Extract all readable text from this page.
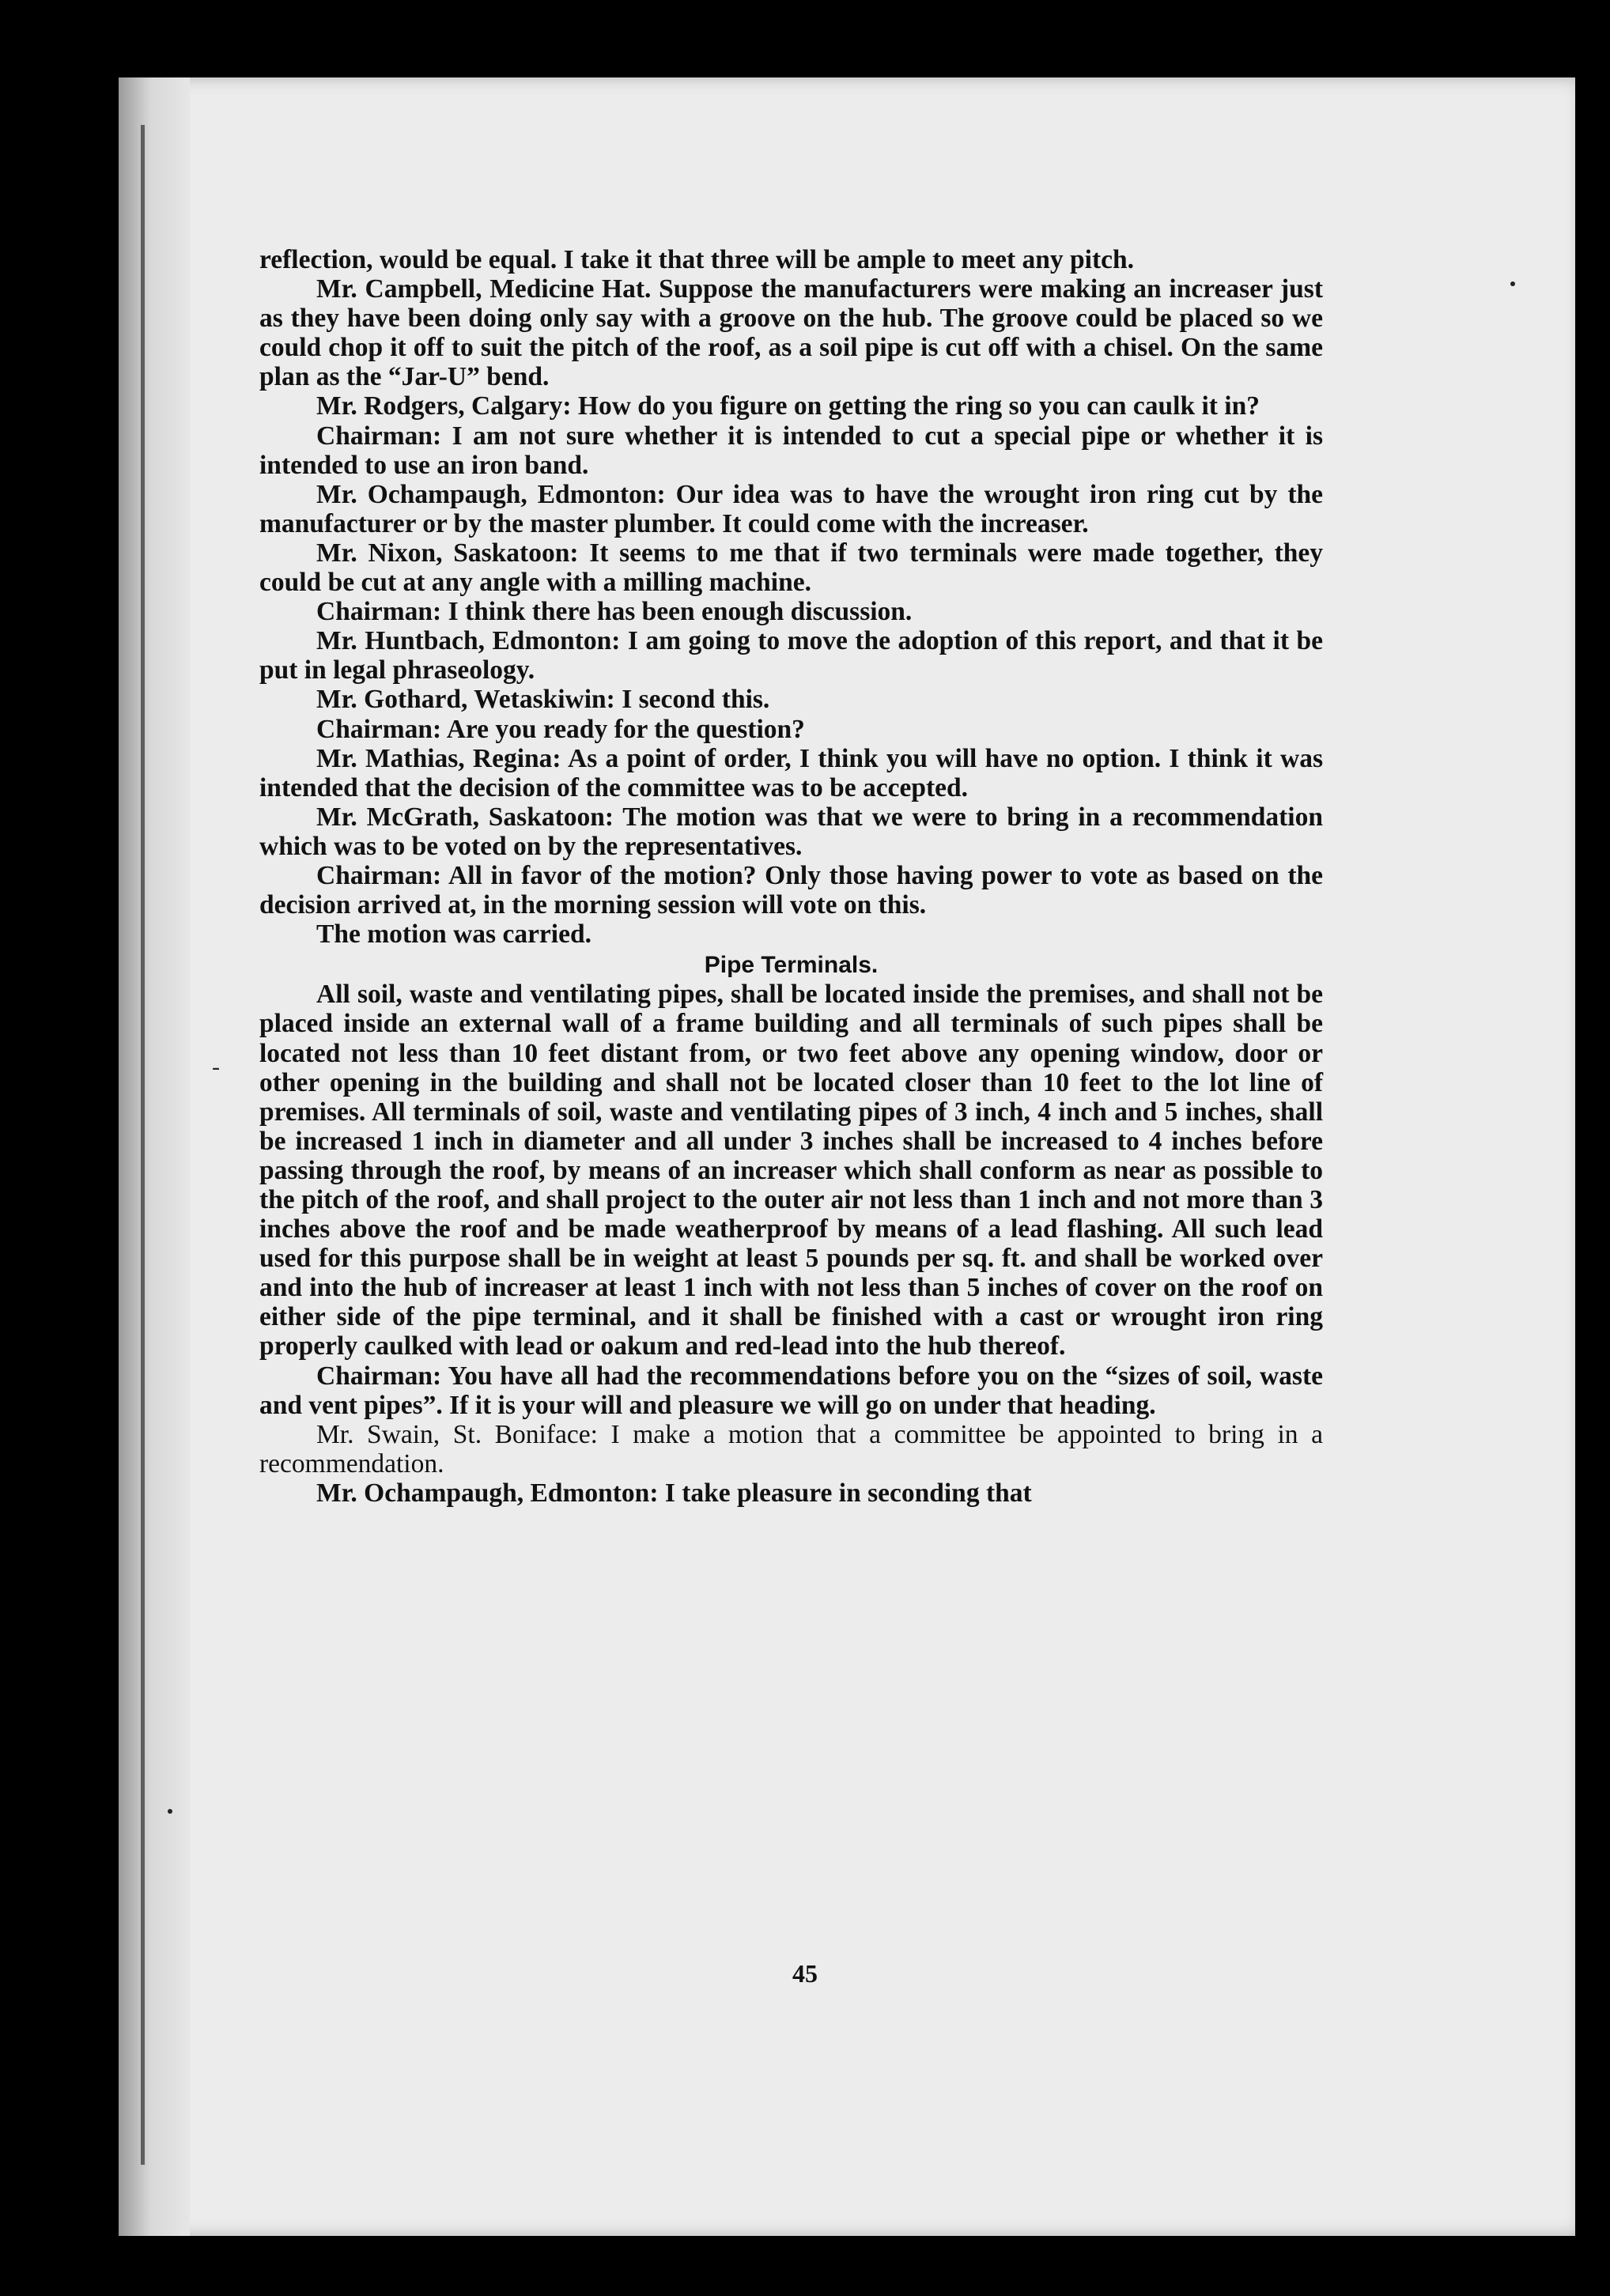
-

reflection, would be equal. I take it that three will be ample to meet any pitch.

Mr. Campbell, Medicine Hat. Suppose the manufacturers were making an increaser just as they have been doing only say with a groove on the hub. The groove could be placed so we could chop it off to suit the pitch of the roof, as a soil pipe is cut off with a chisel. On the same plan as the “Jar-U” bend.

Mr. Rodgers, Calgary: How do you figure on getting the ring so you can caulk it in?

Chairman: I am not sure whether it is intended to cut a special pipe or whether it is intended to use an iron band.

Mr. Ochampaugh, Edmonton: Our idea was to have the wrought iron ring cut by the manufacturer or by the master plumber. It could come with the increaser.

Mr. Nixon, Saskatoon: It seems to me that if two terminals were made together, they could be cut at any angle with a milling machine.

Chairman: I think there has been enough discussion.

Mr. Huntbach, Edmonton: I am going to move the adoption of this report, and that it be put in legal phraseology.

Mr. Gothard, Wetaskiwin: I second this.

Chairman: Are you ready for the question?

Mr. Mathias, Regina: As a point of order, I think you will have no option. I think it was intended that the decision of the committee was to be accepted.

Mr. McGrath, Saskatoon: The motion was that we were to bring in a recommendation which was to be voted on by the representatives.

Chairman: All in favor of the motion? Only those having power to vote as based on the decision arrived at, in the morning session will vote on this.

The motion was carried.

Pipe Terminals.

All soil, waste and ventilating pipes, shall be located inside the premises, and shall not be placed inside an external wall of a frame building and all terminals of such pipes shall be located not less than 10 feet distant from, or two feet above any opening window, door or other opening in the building and shall not be located closer than 10 feet to the lot line of premises. All terminals of soil, waste and ventilating pipes of 3 inch, 4 inch and 5 inches, shall be increased 1 inch in diameter and all under 3 inches shall be increased to 4 inches before passing through the roof, by means of an increaser which shall conform as near as possible to the pitch of the roof, and shall project to the outer air not less than 1 inch and not more than 3 inches above the roof and be made weatherproof by means of a lead flashing. All such lead used for this purpose shall be in weight at least 5 pounds per sq. ft. and shall be worked over and into the hub of increaser at least 1 inch with not less than 5 inches of cover on the roof on either side of the pipe terminal, and it shall be finished with a cast or wrought iron ring properly caulked with lead or oakum and red-lead into the hub thereof.

Chairman: You have all had the recommendations before you on the “sizes of soil, waste and vent pipes”. If it is your will and pleasure we will go on under that heading.

Mr. Swain, St. Boniface: I make a motion that a committee be appointed to bring in a recommendation.

Mr. Ochampaugh, Edmonton: I take pleasure in seconding that

45
